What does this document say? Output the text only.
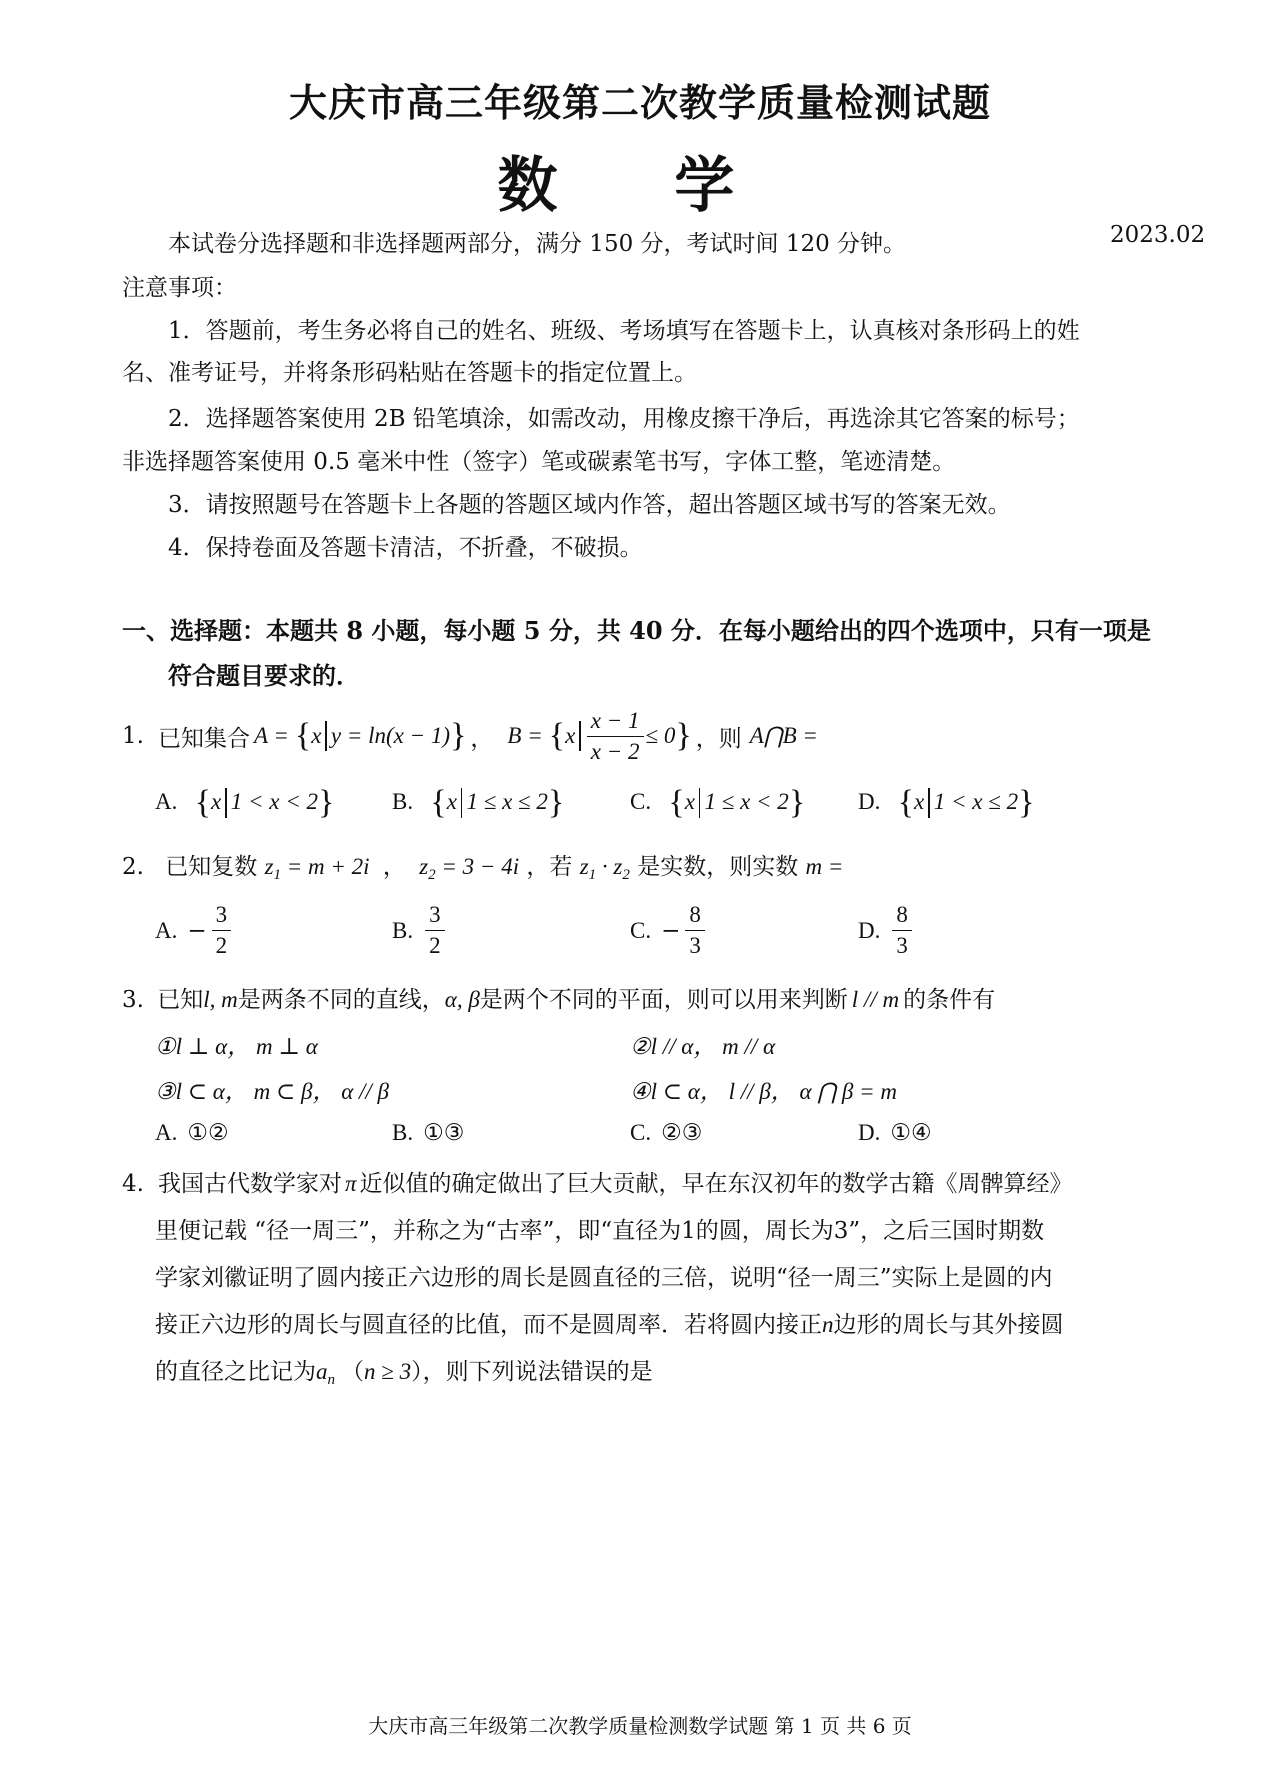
大庆市高三年级第二次教学质量检测试题
数 学
2023.02
本试卷分选择题和非选择题两部分，满分 150 分，考试时间 120 分钟。
注意事项：
1．答题前，考生务必将自己的姓名、班级、考场填写在答题卡上，认真核对条形码上的姓
名、准考证号，并将条形码粘贴在答题卡的指定位置上。
2．选择题答案使用 2B 铅笔填涂，如需改动，用橡皮擦干净后，再选涂其它答案的标号；
非选择题答案使用 0.5 毫米中性（签字）笔或碳素笔书写，字体工整，笔迹清楚。
3．请按照题号在答题卡上各题的答题区域内作答，超出答题区域书写的答案无效。
4．保持卷面及答题卡清洁，不折叠，不破损。
一、选择题：本题共 8 小题，每小题 5 分，共 40 分．在每小题给出的四个选项中，只有一项是
符合题目要求的．
1. 已知集合 A = { x y = ln(x − 1) } ， B = { x $\frac{x - 1}{x - 2} \le 0$ } ，则 A⋂B =
A. {x 1 < x < 2}	B. {x 1 ≤ x ≤ 2}	C. {x 1 ≤ x < 2} D. {x 1 < x ≤ 2}
2. 已知复数 $z_1 = m + 2i$ ， $z_2 = 3 - 4i$ ，若 $z_1 \cdot z_2$ 是实数，则实数 m =
A. − $\frac{3}{2}$	B. $\frac{3}{2}$	C. − $\frac{8}{3}$	D. $\frac{8}{3}$
3. 已知l, m是两条不同的直线，α, β是两个不同的平面，则可以用来判断 l // m 的条件有
①l ⊥ α， m ⊥ α	②l // α， m // α
③l ⊂ α， m ⊂ β， α // β	④l ⊂ α， l // β， α ⋂ β = m
A. ①②	B. ①③	C. ②③	D. ①④
4. 我国古代数学家对 π 近似值的确定做出了巨大贡献，早在东汉初年的数学古籍《周髀算经》
里便记载 “径一周三”，并称之为“古率”，即“直径为1的圆，周长为3”，之后三国时期数
学家刘徽证明了圆内接正六边形的周长是圆直径的三倍，说明“径一周三”实际上是圆的内
接正六边形的周长与圆直径的比值，而不是圆周率．若将圆内接正n边形的周长与其外接圆
的直径之比记为$a_n$ （n ≥ 3），则下列说法错误的是
大庆市高三年级第二次教学质量检测数学试题 第 1 页 共 6 页
